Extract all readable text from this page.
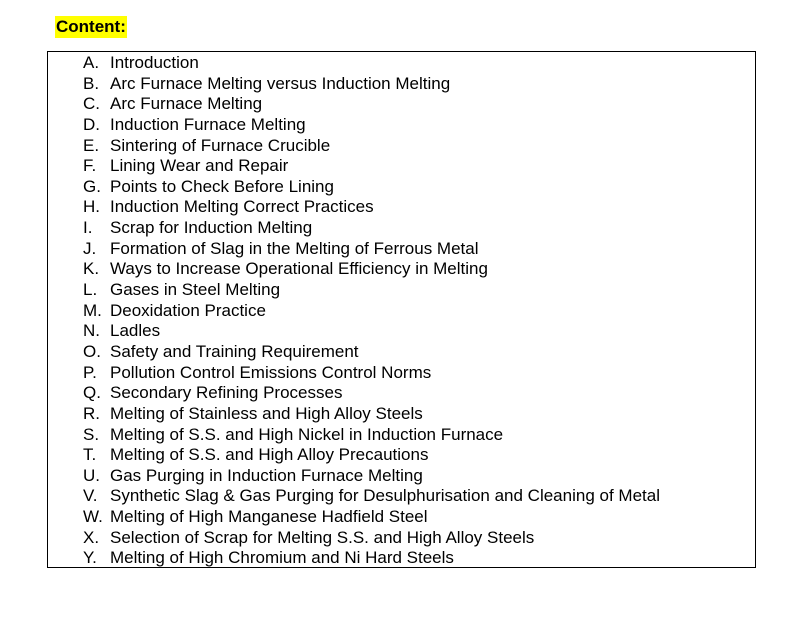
Content:
A. Introduction
B. Arc Furnace Melting versus Induction Melting
C. Arc Furnace Melting
D. Induction Furnace Melting
E. Sintering of Furnace Crucible
F. Lining Wear and Repair
G. Points to Check Before Lining
H. Induction Melting Correct Practices
I.	Scrap for Induction Melting
J. Formation of Slag in the Melting of Ferrous Metal
K. Ways to Increase Operational Efficiency in Melting
L. Gases in Steel Melting
M. Deoxidation Practice
N. Ladles
O. Safety and Training Requirement
P. Pollution Control Emissions Control Norms
Q. Secondary Refining Processes
R. Melting of Stainless and High Alloy Steels
S. Melting of S.S. and High Nickel in Induction Furnace
T. Melting of S.S. and High Alloy Precautions
U. Gas Purging in Induction Furnace Melting
V. Synthetic Slag & Gas Purging for Desulphurisation and Cleaning of Metal
W. Melting of High Manganese Hadfield Steel
X. Selection of Scrap for Melting S.S. and High Alloy Steels
Y. Melting of High Chromium and Ni Hard Steels
